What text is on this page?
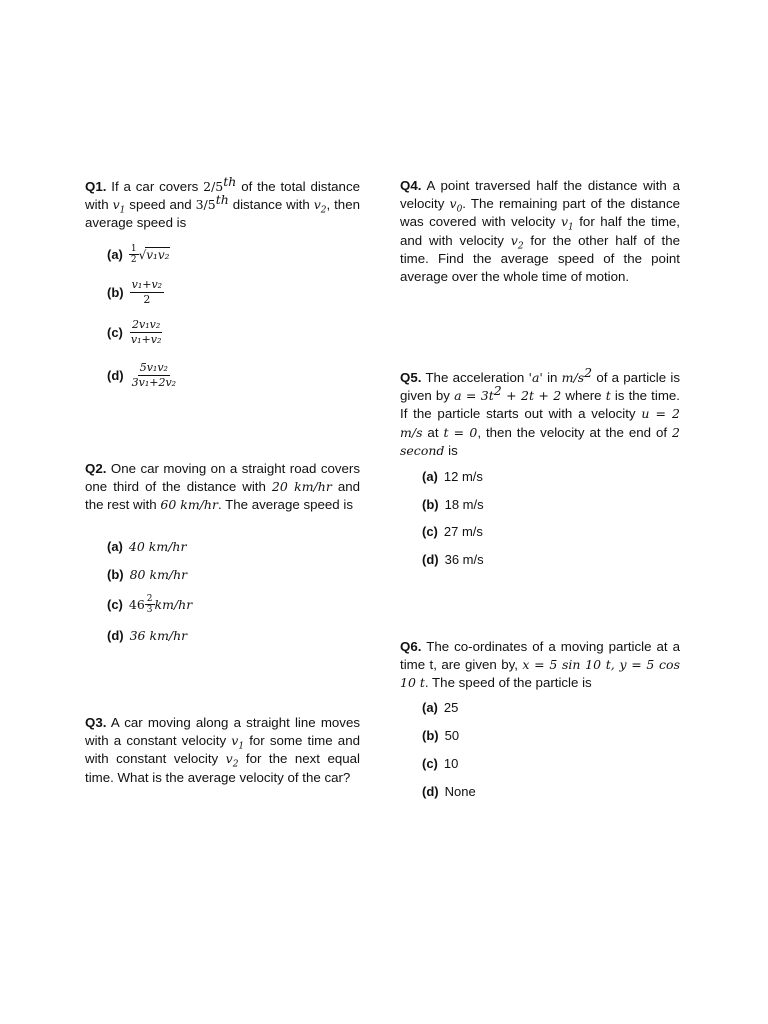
Q1. If a car covers 2/5th of the total distance with $v_1$ speed and 3/5th distance with $v_2$, then average speed is
$(a) \frac{1}{2}$ √ v₁v₂
$(b) \frac{\text{v₁+v₂}}{2}$
$(c) \frac{\text{2v₁v₂}}{\text{v₁+v₂}}$
$(d) \frac{\text{5v₁v₂}}{\text{3v₁+2v₂}}$
Q2. One car moving on a straight road covers one third of the distance with 20 km/hr and the rest with 60 km/hr. The average speed is
(a) 40 km/hr
(b) 80 km/hr
(c) $46 \frac{2}{3} km/hr$
(d) 36 km/hr
Q3. A car moving along a straight line moves with a constant velocity $v_1$ for some time and with constant velocity $v_2$ for the next equal time. What is the average velocity of the car?
Q4. A point traversed half the distance with a velocity $v_0$. The remaining part of the distance was covered with velocity $v_1$ for half the time, and with velocity $v_2$ for the other half of the time. Find the average speed of the point average over the whole time of motion.
Q5. The acceleration 'a' in $m/s^2$ of a particle is given by $a = 3t^2 + 2t + 2$ where t is the time. If the particle starts out with a velocity u = 2 m/s at t = 0, then the velocity at the end of 2 second is
(a) 12 m/s
(b) 18 m/s
(c) 27 m/s
(d) 36 m/s
Q6. The co-ordinates of a moving particle at a time t, are given by, x = 5 sin 10 t, y = 5 cos 10 t. The speed of the particle is
(a) 25
(b) 50
(c) 10
(d) None
